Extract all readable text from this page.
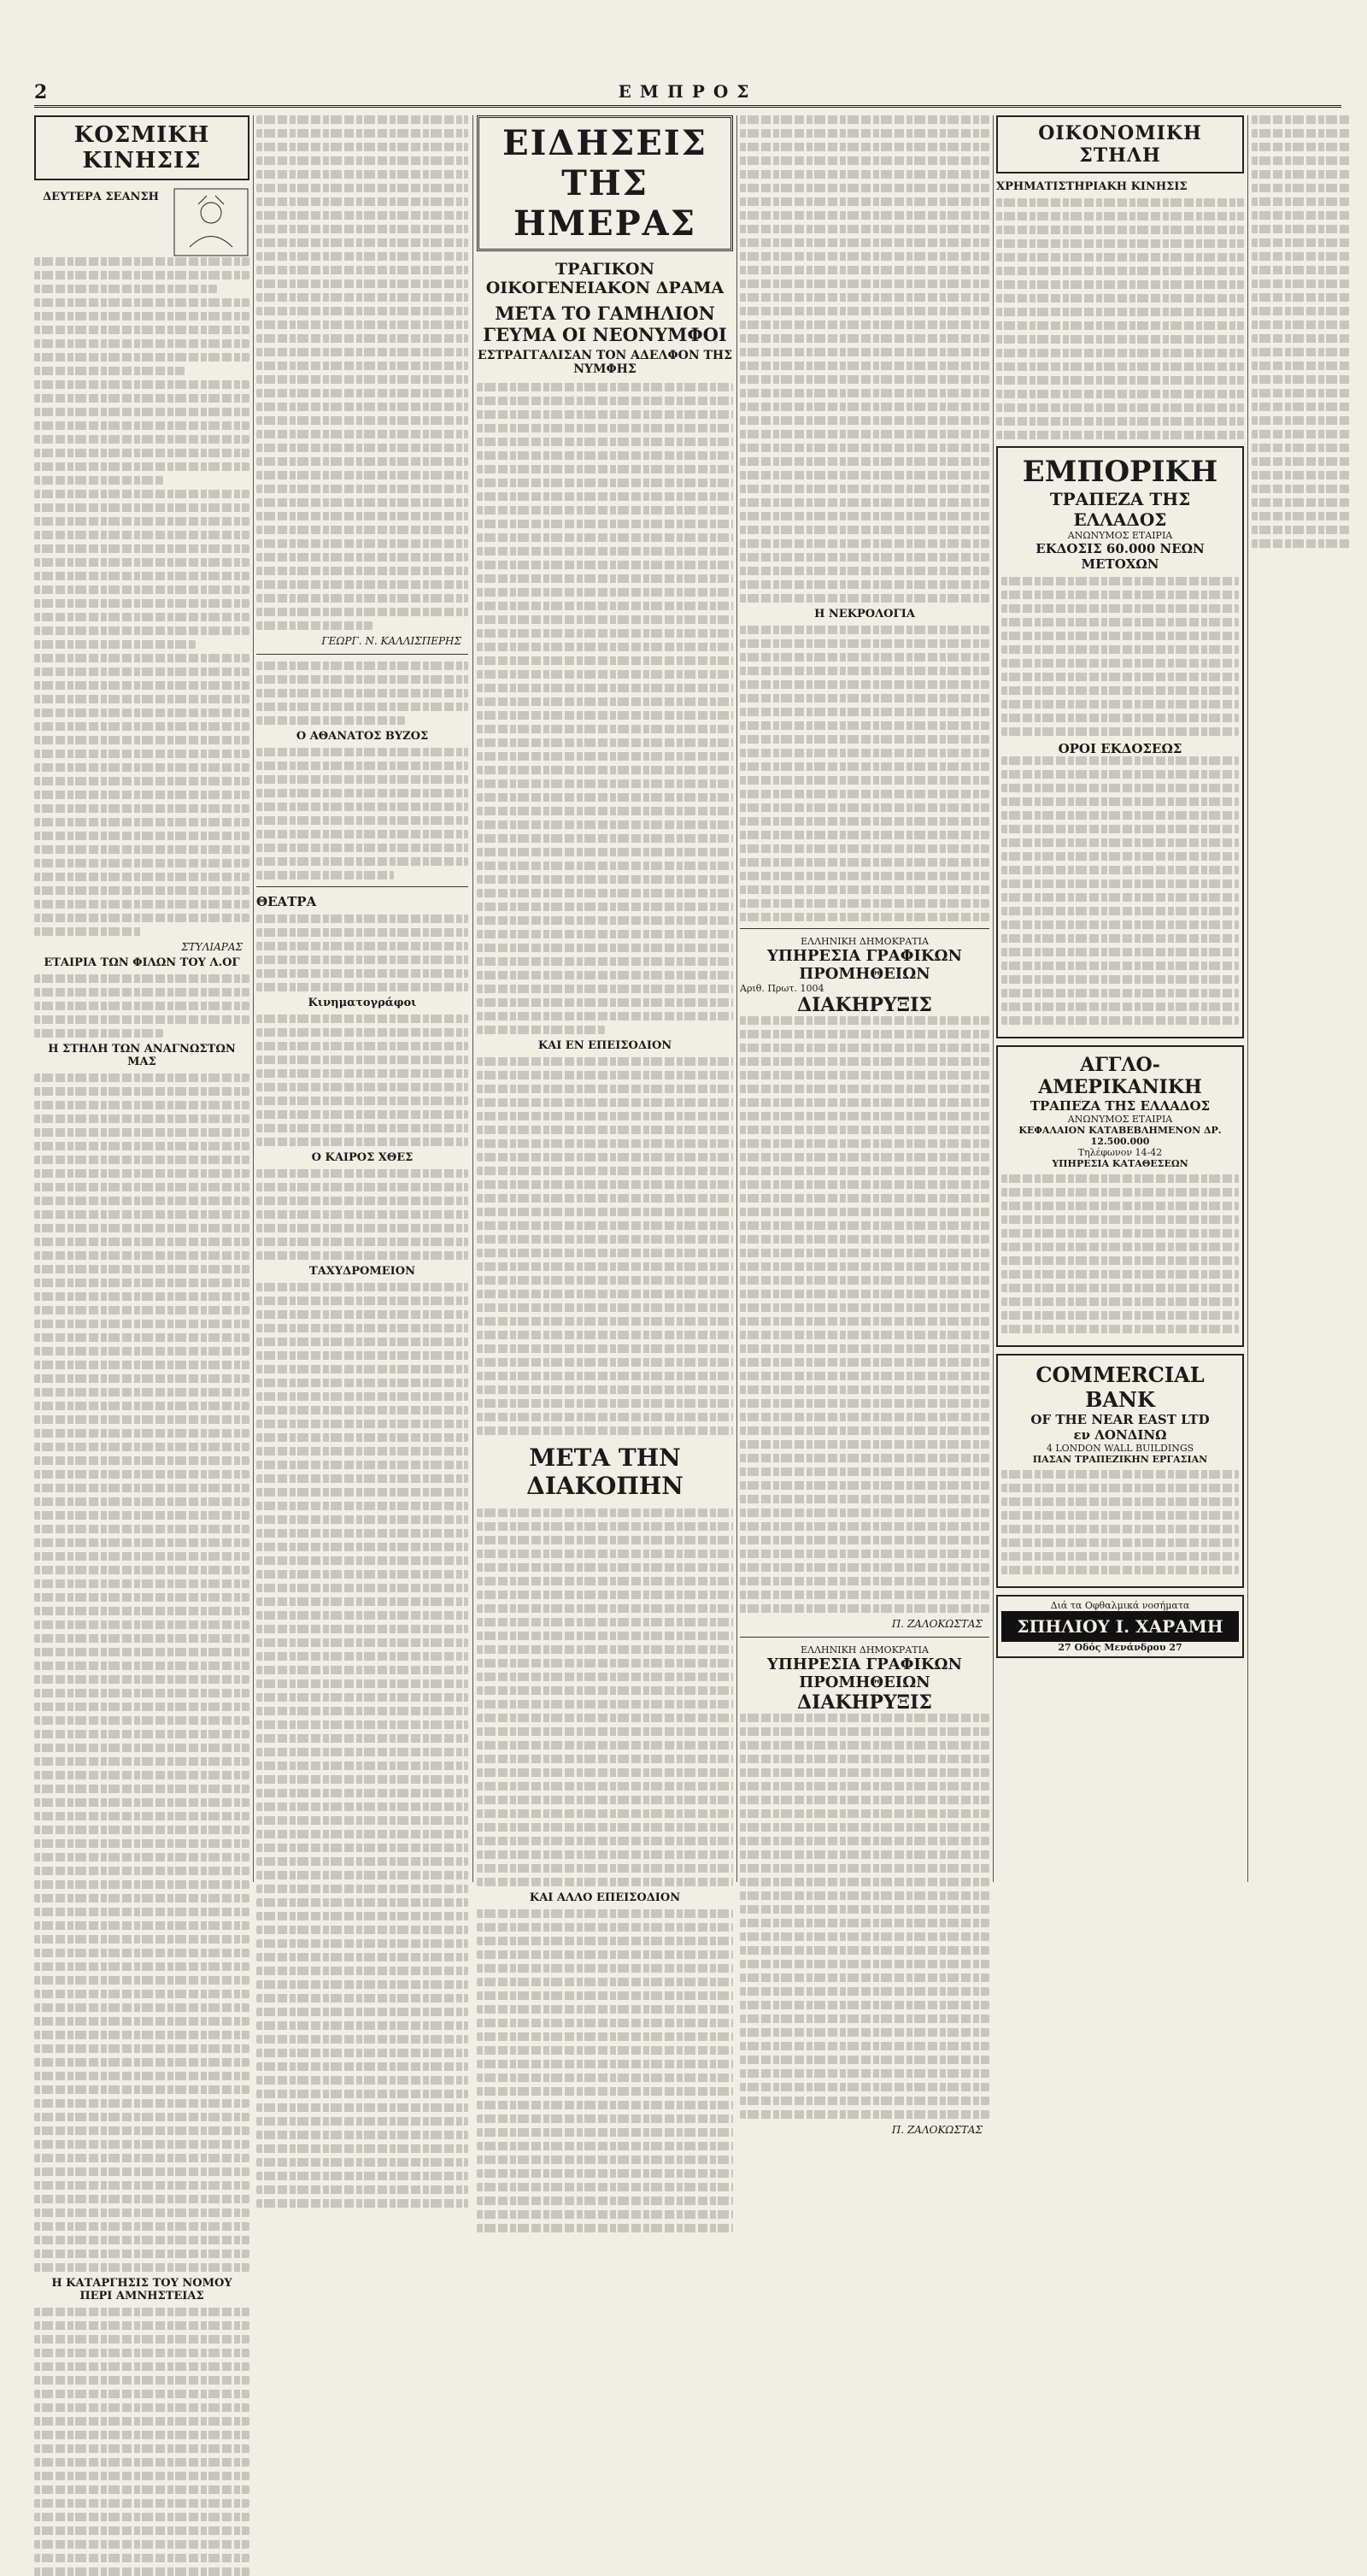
2	ΕΜΠΡΟΣ
ΚΟΣΜΙΚΗ ΚΙΝΗΣΙΣ
ΔΕΥΤΕΡΑ ΣΕΑΝΣΗ
ΣΤΥΛΙΑΡΑΣ
ΕΤΑΙΡΙΑ ΤΩΝ ΦΙΛΩΝ ΤΟΥ Λ.ΟΓ
Η ΣΤΗΛΗ ΤΩΝ ΑΝΑΓΝΩΣΤΩΝ ΜΑΣ
Η ΚΑΤΑΡΓΗΣΙΣ ΤΟΥ ΝΟΜΟΥ ΠΕΡΙ ΑΜΝΗΣΤΕΙΑΣ
ΓΕΩΡΓ. Ν. ΚΑΛΛΙΣΠΕΡΗΣ
Ο ΑΘΑΝΑΤΟΣ ΒΥΖΟΣ
ΘΕΑΤΡΑ
Κινηματογράφοι
Ο ΚΑΙΡΟΣ ΧΘΕΣ
ΤΑΧΥΔΡΟΜΕΙΟΝ
ΕΙΔΗΣΕΙΣ ΤΗΣ ΗΜΕΡΑΣ
ΤΡΑΓΙΚΟΝ ΟΙΚΟΓΕΝΕΙΑΚΟΝ ΔΡΑΜΑ
ΜΕΤΑ ΤΟ ΓΑΜΗΛΙΟΝ ΓΕΥΜΑ ΟΙ ΝΕΟΝΥΜΦΟΙ
ΕΣΤΡΑΓΓΑΛΙΣΑΝ ΤΟΝ ΑΔΕΛΦΟΝ ΤΗΣ ΝΥΜΦΗΣ
ΚΑΙ ΕΝ ΕΠΕΙΣΟΔΙΟΝ
ΜΕΤΑ ΤΗΝ ΔΙΑΚΟΠΗΝ
ΚΑΙ ΑΛΛΟ ΕΠΕΙΣΟΔΙΟΝ
Η ΝΕΚΡΟΛΟΓΙΑ
ΕΛΛΗΝΙΚΗ ΔΗΜΟΚΡΑΤΙΑ
ΥΠΗΡΕΣΙΑ ΓΡΑΦΙΚΩΝ ΠΡΟΜΗΘΕΙΩΝ
Αριθ. Πρωτ. 1004
ΔΙΑΚΗΡΥΞΙΣ
Π. ΖΑΛΟΚΩΣΤΑΣ
ΕΛΛΗΝΙΚΗ ΔΗΜΟΚΡΑΤΙΑ
ΥΠΗΡΕΣΙΑ ΓΡΑΦΙΚΩΝ ΠΡΟΜΗΘΕΙΩΝ
ΔΙΑΚΗΡΥΞΙΣ
Π. ΖΑΛΟΚΩΣΤΑΣ
ΟΙΚΟΝΟΜΙΚΗ ΣΤΗΛΗ
ΧΡΗΜΑΤΙΣΤΗΡΙΑΚΗ ΚΙΝΗΣΙΣ
ΕΜΠΟΡΙΚΗ
ΤΡΑΠΕΖΑ ΤΗΣ ΕΛΛΑΔΟΣ
ΑΝΩΝΥΜΟΣ ΕΤΑΙΡΙΑ
ΕΚΔΟΣΙΣ 60.000 ΝΕΩΝ ΜΕΤΟΧΩΝ
ΟΡΟΙ ΕΚΔΟΣΕΩΣ
ΑΓΓΛΟ-ΑΜΕΡΙΚΑΝΙΚΗ
ΤΡΑΠΕΖΑ ΤΗΣ ΕΛΛΑΔΟΣ
ΑΝΩΝΥΜΟΣ ΕΤΑΙΡΙΑ
ΚΕΦΑΛΑΙΟΝ ΚΑΤΑΒΕΒΛΗΜΕΝΟΝ ΔΡ. 12.500.000
Τηλέφωνον 14-42
ΥΠΗΡΕΣΙΑ ΚΑΤΑΘΕΣΕΩΝ
COMMERCIAL BANK
OF THE NEAR EAST LTD
εν ΛΟΝΔΙΝΩ
4 LONDON WALL BUILDINGS
ΠΑΣΑΝ ΤΡΑΠΕΖΙΚΗΝ ΕΡΓΑΣΙΑΝ
Διά τα Οφθαλμικά νοσήματα
ΣΠΗΛΙΟΥ Ι. ΧΑΡΑΜΗ
27 Οδός Μενάνδρου 27
